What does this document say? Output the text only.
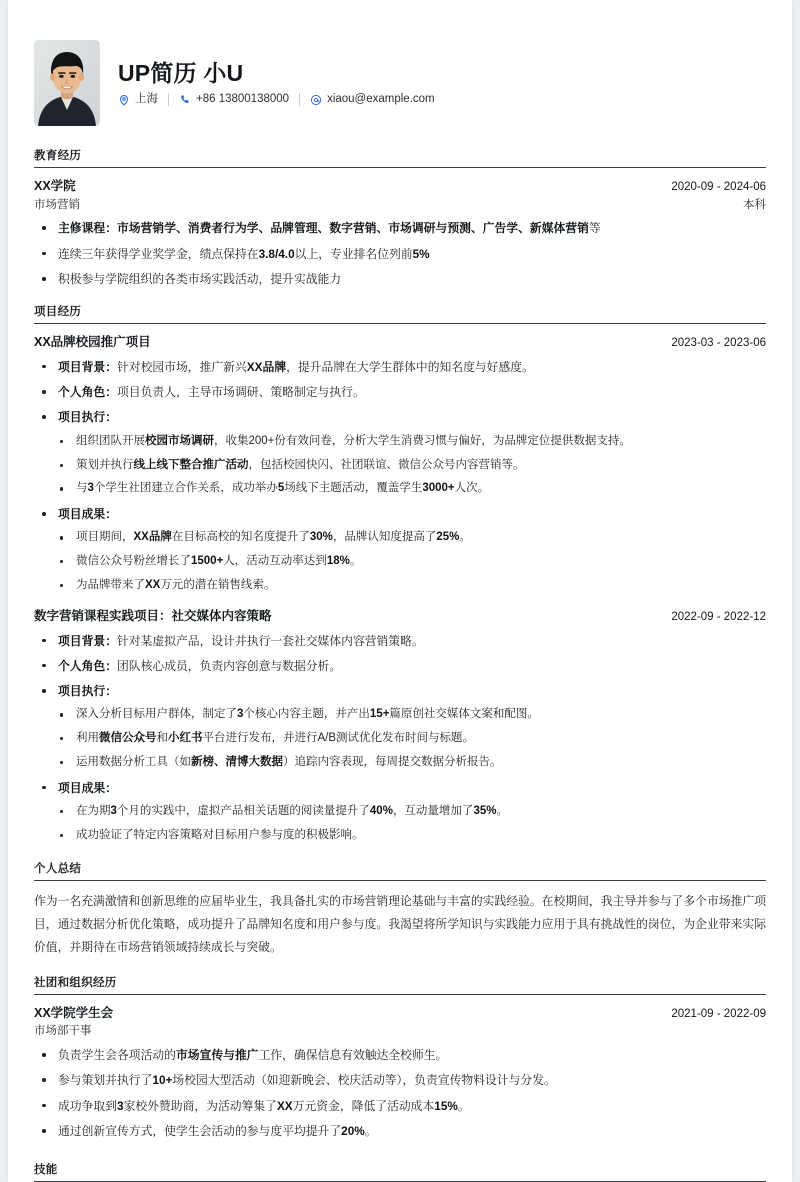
UP简历 小U
上海	+86 13800138000	xiaou@example.com
教育经历
XX学院	2020-09 - 2024-06
市场营销	本科
主修课程：市场营销学、消费者行为学、品牌管理、数字营销、市场调研与预测、广告学、新媒体营销等
连续三年获得学业奖学金，绩点保持在3.8/4.0以上，专业排名位列前5%
积极参与学院组织的各类市场实践活动，提升实战能力
项目经历
XX品牌校园推广项目	2023-03 - 2023-06
项目背景：针对校园市场，推广新兴XX品牌，提升品牌在大学生群体中的知名度与好感度。
个人角色：项目负责人，主导市场调研、策略制定与执行。
项目执行：
组织团队开展校园市场调研，收集200+份有效问卷，分析大学生消费习惯与偏好，为品牌定位提供数据支持。
策划并执行线上线下整合推广活动，包括校园快闪、社团联谊、微信公众号内容营销等。
与3个学生社团建立合作关系，成功举办5场线下主题活动，覆盖学生3000+人次。
项目成果：
项目期间，XX品牌在目标高校的知名度提升了30%，品牌认知度提高了25%。
微信公众号粉丝增长了1500+人，活动互动率达到18%。
为品牌带来了XX万元的潜在销售线索。
数字营销课程实践项目：社交媒体内容策略	2022-09 - 2022-12
项目背景：针对某虚拟产品，设计并执行一套社交媒体内容营销策略。
个人角色：团队核心成员，负责内容创意与数据分析。
项目执行：
深入分析目标用户群体，制定了3个核心内容主题，并产出15+篇原创社交媒体文案和配图。
利用微信公众号和小红书平台进行发布，并进行A/B测试优化发布时间与标题。
运用数据分析工具（如新榜、清博大数据）追踪内容表现，每周提交数据分析报告。
项目成果：
在为期3个月的实践中，虚拟产品相关话题的阅读量提升了40%，互动量增加了35%。
成功验证了特定内容策略对目标用户参与度的积极影响。
个人总结

作为一名充满激情和创新思维的应届毕业生，我具备扎实的市场营销理论基础与丰富的实践经验。在校期间，我主导并参与了多个市场推广项目，通过数据分析优化策略，成功提升了品牌知名度和用户参与度。我渴望将所学知识与实践能力应用于具有挑战性的岗位，为企业带来实际价值，并期待在市场营销领域持续成长与突破。

社团和组织经历
XX学院学生会	2021-09 - 2022-09
市场部干事
负责学生会各项活动的市场宣传与推广工作，确保信息有效触达全校师生。
参与策划并执行了10+场校园大型活动（如迎新晚会、校庆活动等），负责宣传物料设计与分发。
成功争取到3家校外赞助商，为活动筹集了XX万元资金，降低了活动成本15%。
通过创新宣传方式，使学生会活动的参与度平均提升了20%。
技能
